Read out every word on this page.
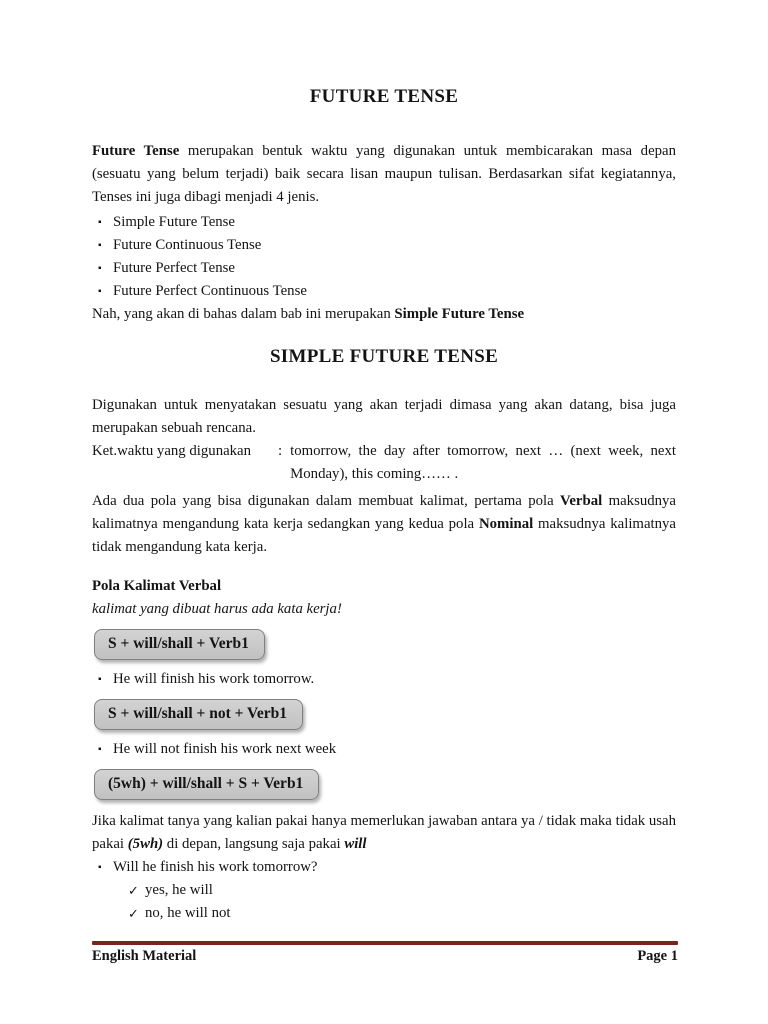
FUTURE TENSE

Future Tense merupakan bentuk waktu yang digunakan untuk membicarakan masa depan (sesuatu yang belum terjadi) baik secara lisan maupun tulisan. Berdasarkan sifat kegiatannya, Tenses ini juga dibagi menjadi 4 jenis.

▪ Simple Future Tense
▪ Future Continuous Tense
▪ Future Perfect Tense
▪ Future Perfect Continuous Tense

Nah, yang akan di bahas dalam bab ini merupakan Simple Future Tense

SIMPLE FUTURE TENSE

Digunakan untuk menyatakan sesuatu yang akan terjadi dimasa yang akan datang, bisa juga merupakan sebuah rencana.

Ket.waktu yang digunakan	: tomorrow, the day after tomorrow, next … (next week, next Monday), this coming…… .

Ada dua pola yang bisa digunakan dalam membuat kalimat, pertama pola Verbal maksudnya kalimatnya mengandung kata kerja sedangkan yang kedua pola Nominal maksudnya kalimatnya tidak mengandung kata kerja.

Pola Kalimat Verbal

kalimat yang dibuat harus ada kata kerja!

S + will/shall + Verb1
▪ He will finish his work tomorrow.
S + will/shall + not + Verb1
▪ He will not finish his work next week
(5wh) + will/shall + S + Verb1

Jika kalimat tanya yang kalian pakai hanya memerlukan jawaban antara ya / tidak maka tidak usah pakai (5wh) di depan, langsung saja pakai will

▪ Will he finish his work tomorrow?
✓ yes, he will
✓ no, he will not
English Material	Page 1
